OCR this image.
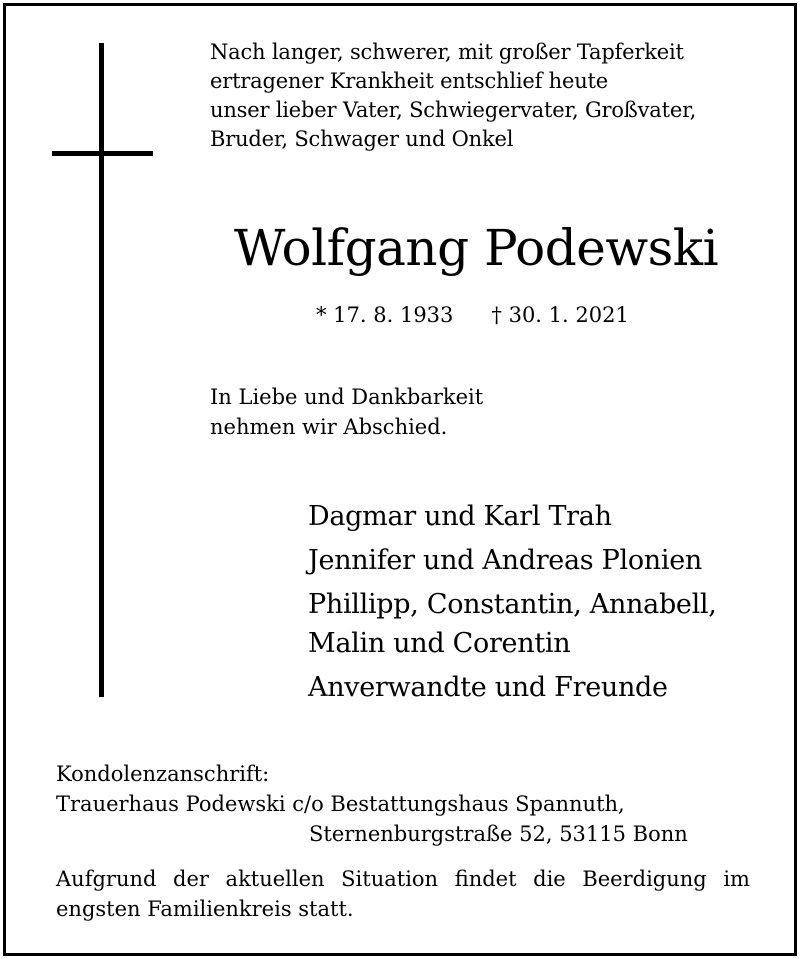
Nach langer, schwerer, mit großer Tapferkeit
ertragener Krankheit entschlief heute
unser lieber Vater, Schwiegervater, Großvater,
Bruder, Schwager und Onkel
Wolfgang Podewski
* 17. 8. 1933 † 30. 1. 2021
In Liebe und Dankbarkeit
nehmen wir Abschied.
Dagmar und Karl Trah
Jennifer und Andreas Plonien
Phillipp, Constantin, Annabell,
Malin und Corentin
Anverwandte und Freunde
Kondolenzanschrift:
Trauerhaus Podewski c/o Bestattungshaus Spannuth,
Sternenburgstraße 52, 53115 Bonn
Aufgrund der aktuellen Situation findet die Beerdigung im
engsten Familienkreis statt.
